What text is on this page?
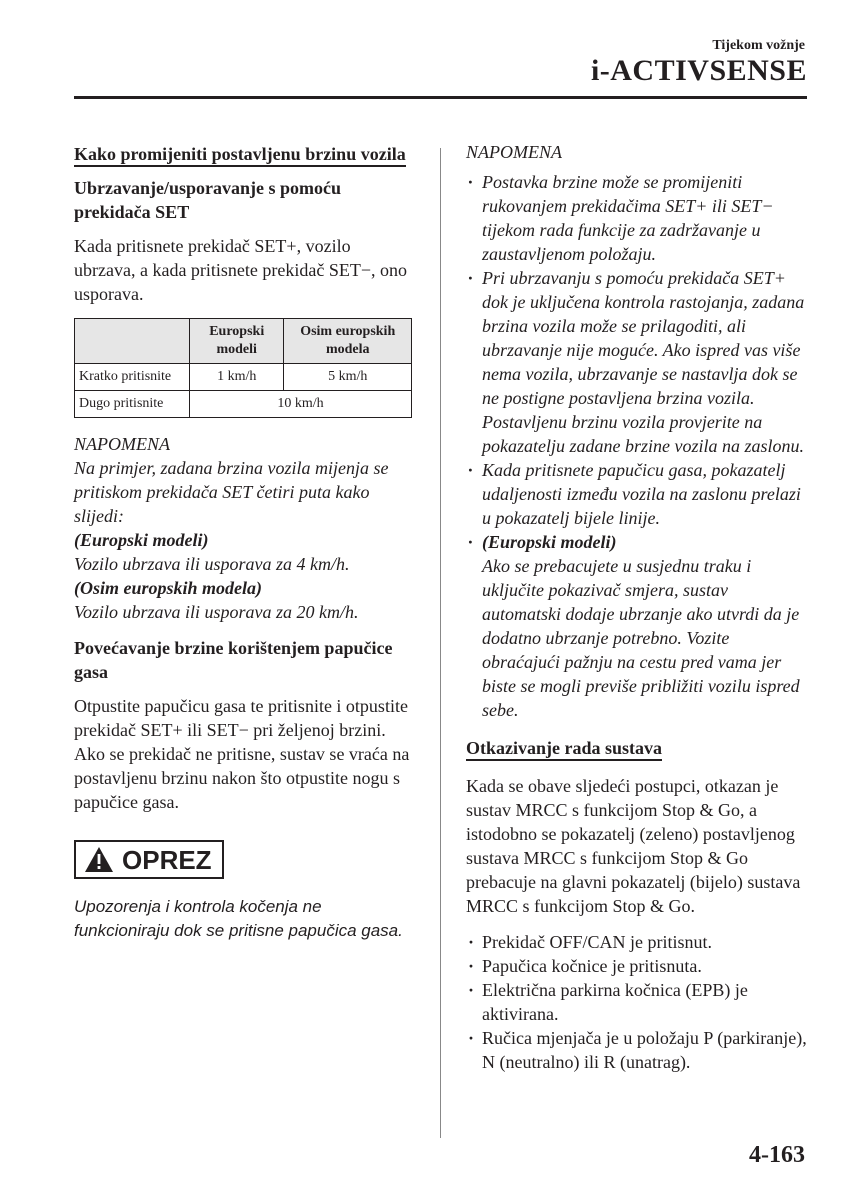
Tijekom vožnje
i-ACTIVSENSE
Kako promijeniti postavljenu brzinu vozila
Ubrzavanje/usporavanje s pomoću prekidača SET

Kada pritisnete prekidač SET+, vozilo ubrzava, a kada pritisnete prekidač SET−, ono usporava.

	Europski modeli	Osim europskih modela
Kratko pritisnite	1 km/h	5 km/h
Dugo pritisnite	10 km/h	
NAPOMENA
Na primjer, zadana brzina vozila mijenja se pritiskom prekidača SET četiri puta kako slijedi:
(Europski modeli)
Vozilo ubrzava ili usporava za 4 km/h.
(Osim europskih modela)
Vozilo ubrzava ili usporava za 20 km/h.
Povećavanje brzine korištenjem papučice gasa

Otpustite papučicu gasa te pritisnite i otpustite prekidač SET+ ili SET− pri željenoj brzini. Ako se prekidač ne pritisne, sustav se vraća na postavljenu brzinu nakon što otpustite nogu s papučice gasa.

OPREZ
Upozorenja i kontrola kočenja ne funkcioniraju dok se pritisne papučica gasa.
NAPOMENA
· Postavka brzine može se promijeniti rukovanjem prekidačima SET+ ili SET− tijekom rada funkcije za zadržavanje u zaustavljenom položaju.
· Pri ubrzavanju s pomoću prekidača SET+ dok je uključena kontrola rastojanja, zadana brzina vozila može se prilagoditi, ali ubrzavanje nije moguće. Ako ispred vas više nema vozila, ubrzavanje se nastavlja dok se ne postigne postavljena brzina vozila. Postavljenu brzinu vozila provjerite na pokazatelju zadane brzine vozila na zaslonu.
· Kada pritisnete papučicu gasa, pokazatelj udaljenosti između vozila na zaslonu prelazi u pokazatelj bijele linije.
· (Europski modeli)
Ako se prebacujete u susjednu traku i uključite pokazivač smjera, sustav automatski dodaje ubrzanje ako utvrdi da je dodatno ubrzanje potrebno. Vozite obraćajući pažnju na cestu pred vama jer biste se mogli previše približiti vozilu ispred sebe.
Otkazivanje rada sustava

Kada se obave sljedeći postupci, otkazan je sustav MRCC s funkcijom Stop & Go, a istodobno se pokazatelj (zeleno) postavljenog sustava MRCC s funkcijom Stop & Go prebacuje na glavni pokazatelj (bijelo) sustava MRCC s funkcijom Stop & Go.

· Prekidač OFF/CAN je pritisnut.
· Papučica kočnice je pritisnuta.
· Električna parkirna kočnica (EPB) je aktivirana.
· Ručica mjenjača je u položaju P (parkiranje), N (neutralno) ili R (unatrag).
4-163
